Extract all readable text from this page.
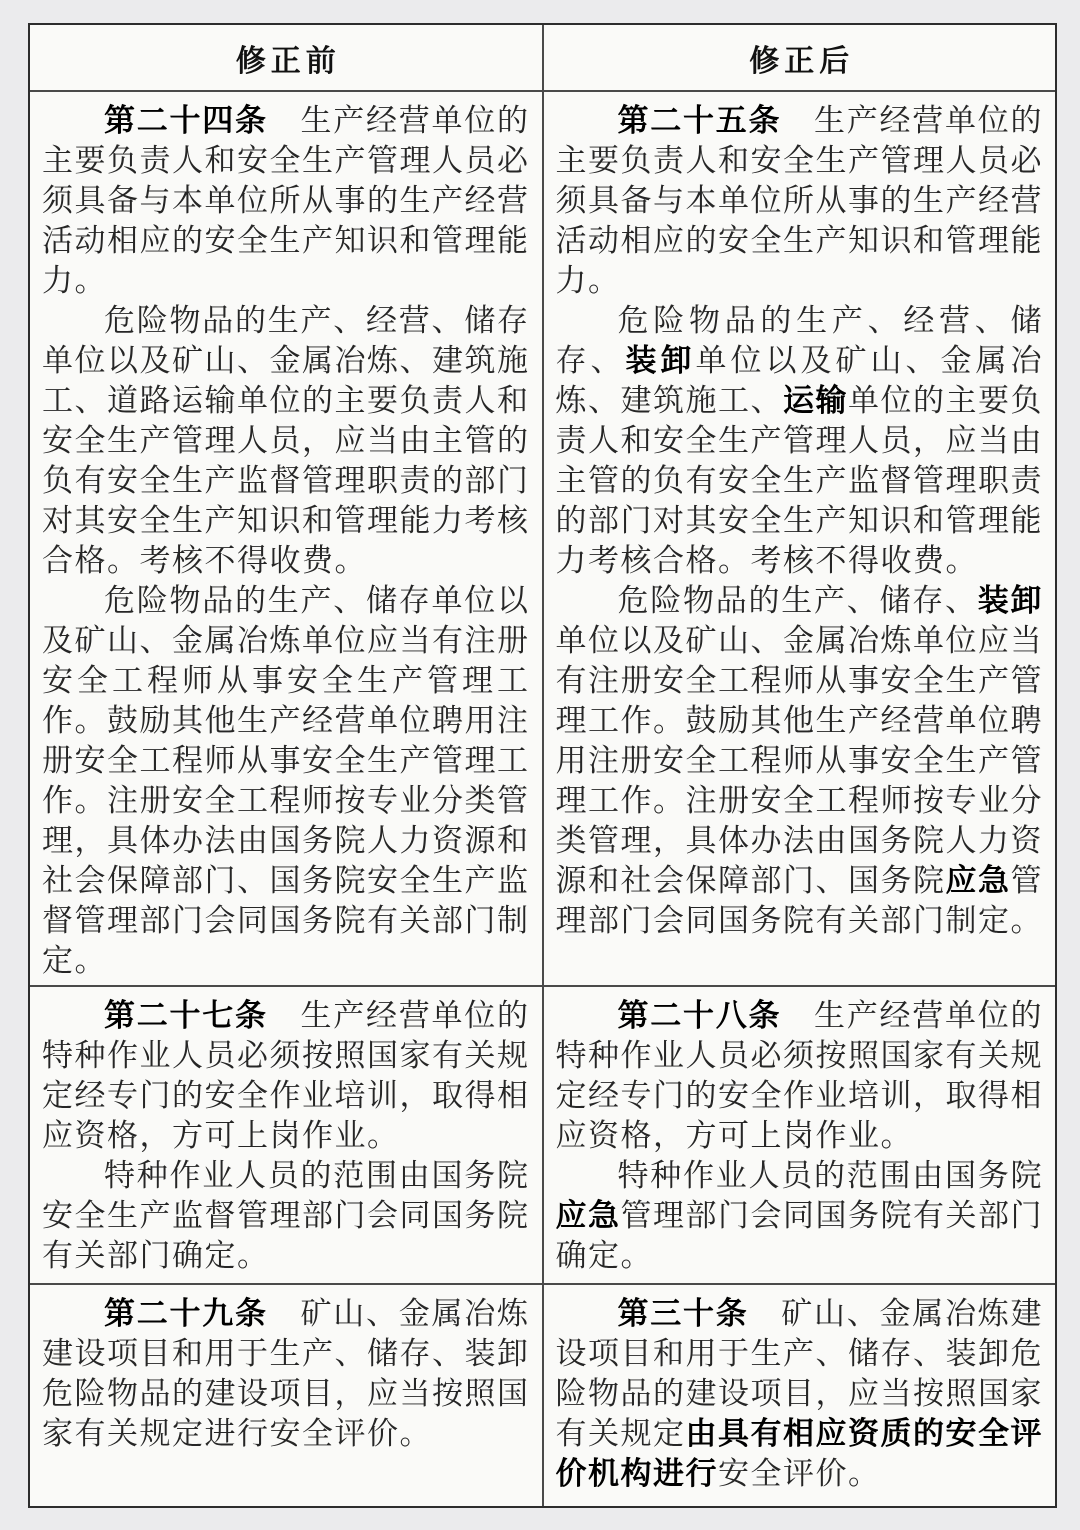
修正前	修正后

第二十四条　生产经营单位的主要负责人和安全生产管理人员必须具备与本单位所从事的生产经营活动相应的安全生产知识和管理能力。

危险物品的生产、经营、储存单位以及矿山、金属冶炼、建筑施工、道路运输单位的主要负责人和安全生产管理人员，应当由主管的负有安全生产监督管理职责的部门对其安全生产知识和管理能力考核合格。考核不得收费。

危险物品的生产、储存单位以及矿山、金属冶炼单位应当有注册安全工程师从事安全生产管理工作。鼓励其他生产经营单位聘用注册安全工程师从事安全生产管理工作。注册安全工程师按专业分类管理，具体办法由国务院人力资源和社会保障部门、国务院安全生产监督管理部门会同国务院有关部门制定。

第二十五条　生产经营单位的主要负责人和安全生产管理人员必须具备与本单位所从事的生产经营活动相应的安全生产知识和管理能力。

危险物品的生产、经营、储存、装卸单位以及矿山、金属冶炼、建筑施工、运输单位的主要负责人和安全生产管理人员，应当由主管的负有安全生产监督管理职责的部门对其安全生产知识和管理能力考核合格。考核不得收费。

危险物品的生产、储存、装卸单位以及矿山、金属冶炼单位应当有注册安全工程师从事安全生产管理工作。鼓励其他生产经营单位聘用注册安全工程师从事安全生产管理工作。注册安全工程师按专业分类管理，具体办法由国务院人力资源和社会保障部门、国务院应急管理部门会同国务院有关部门制定。

第二十七条　生产经营单位的特种作业人员必须按照国家有关规定经专门的安全作业培训，取得相应资格，方可上岗作业。

特种作业人员的范围由国务院安全生产监督管理部门会同国务院有关部门确定。

第二十八条　生产经营单位的特种作业人员必须按照国家有关规定经专门的安全作业培训，取得相应资格，方可上岗作业。

特种作业人员的范围由国务院应急管理部门会同国务院有关部门确定。

第二十九条　矿山、金属冶炼建设项目和用于生产、储存、装卸危险物品的建设项目，应当按照国家有关规定进行安全评价。

第三十条　矿山、金属冶炼建设项目和用于生产、储存、装卸危险物品的建设项目，应当按照国家有关规定由具有相应资质的安全评价机构进行安全评价。
